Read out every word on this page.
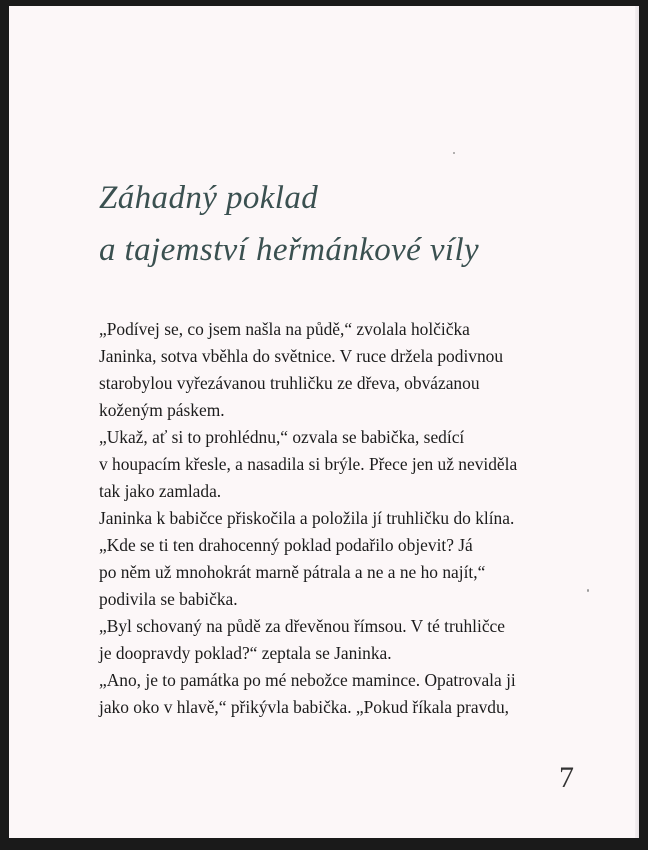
Záhadný poklad
a tajemství heřmánkové víly
„Podívej se, co jsem našla na půdě,“ zvolala holčička
Janinka, sotva vběhla do světnice. V ruce držela podivnou
starobylou vyřezávanou truhličku ze dřeva, obvázanou
koženým páskem.
„Ukaž, ať si to prohlédnu,“ ozvala se babička, sedící
v houpacím křesle, a nasadila si brýle. Přece jen už neviděla
tak jako zamlada.
Janinka k babičce přiskočila a položila jí truhličku do klína.
„Kde se ti ten drahocenný poklad podařilo objevit? Já
po něm už mnohokrát marně pátrala a ne a ne ho najít,“
podivila se babička.
„Byl schovaný na půdě za dřevěnou římsou. V té truhličce
je doopravdy poklad?“ zeptala se Janinka.
„Ano, je to památka po mé nebožce mamince. Opatrovala ji
jako oko v hlavě,“ přikývla babička. „Pokud říkala pravdu,
7
